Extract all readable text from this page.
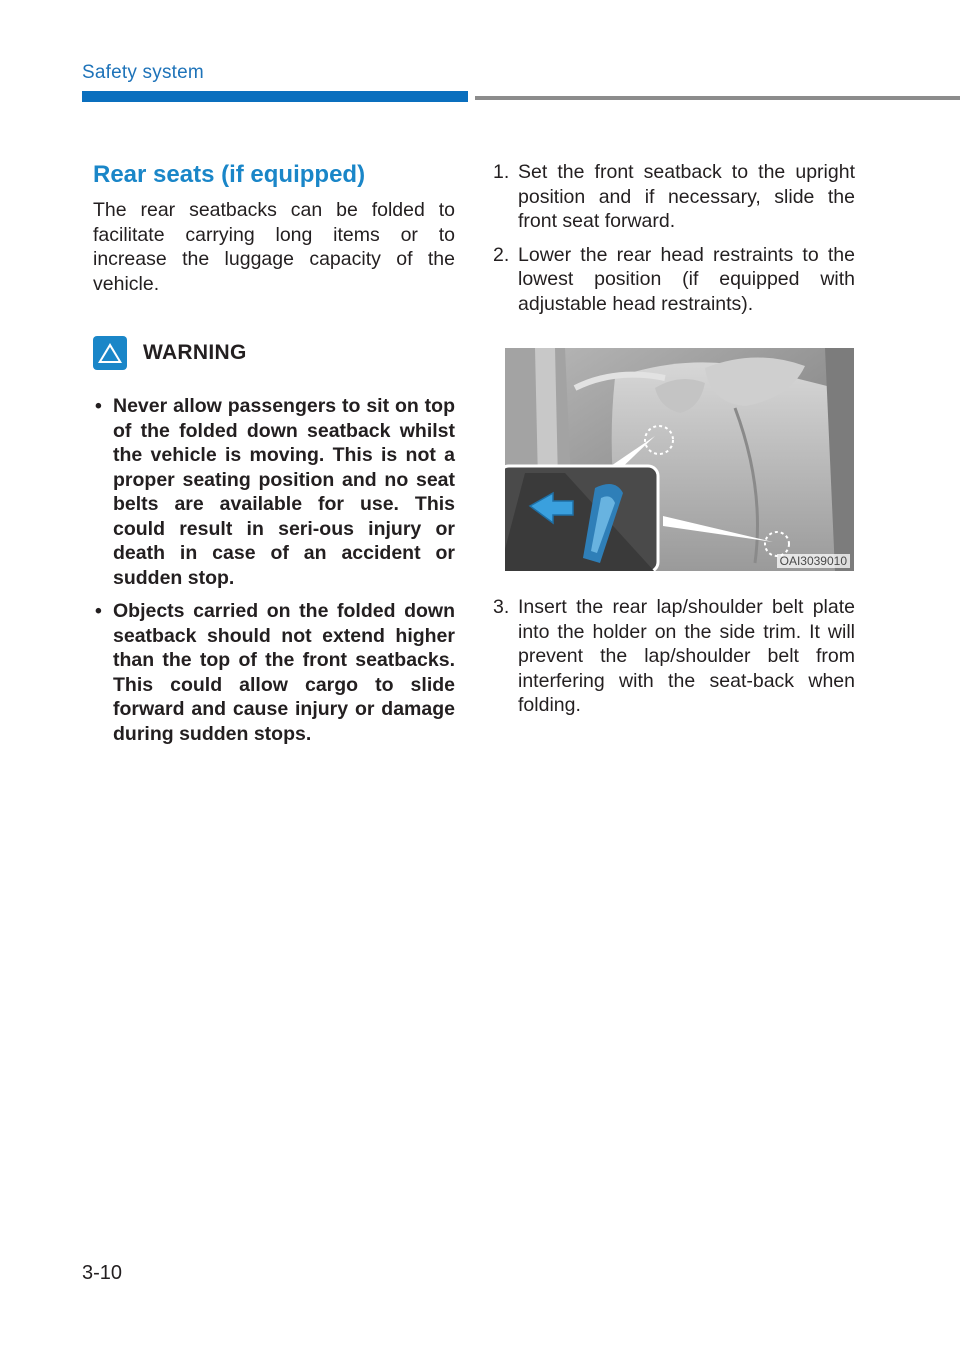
Safety system
Rear seats (if equipped)

The rear seatbacks can be folded to facilitate carrying long items or to increase the luggage capacity of the vehicle.

WARNING
• Never allow passengers to sit on top of the folded down seatback whilst the vehicle is moving. This is not a proper seating position and no seat belts are available for use. This could result in seri-ous injury or death in case of an accident or sudden stop.
• Objects carried on the folded down seatback should not extend higher than the top of the front seatbacks. This could allow cargo to slide forward and cause injury or damage during sudden stops.
1. Set the front seatback to the upright position and if necessary, slide the front seat forward.
2. Lower the rear head restraints to the lowest position (if equipped with adjustable head restraints).
OAI3039010
3. Insert the rear lap/shoulder belt plate into the holder on the side trim. It will prevent the lap/shoulder belt from interfering with the seat-back when folding.
3-10
